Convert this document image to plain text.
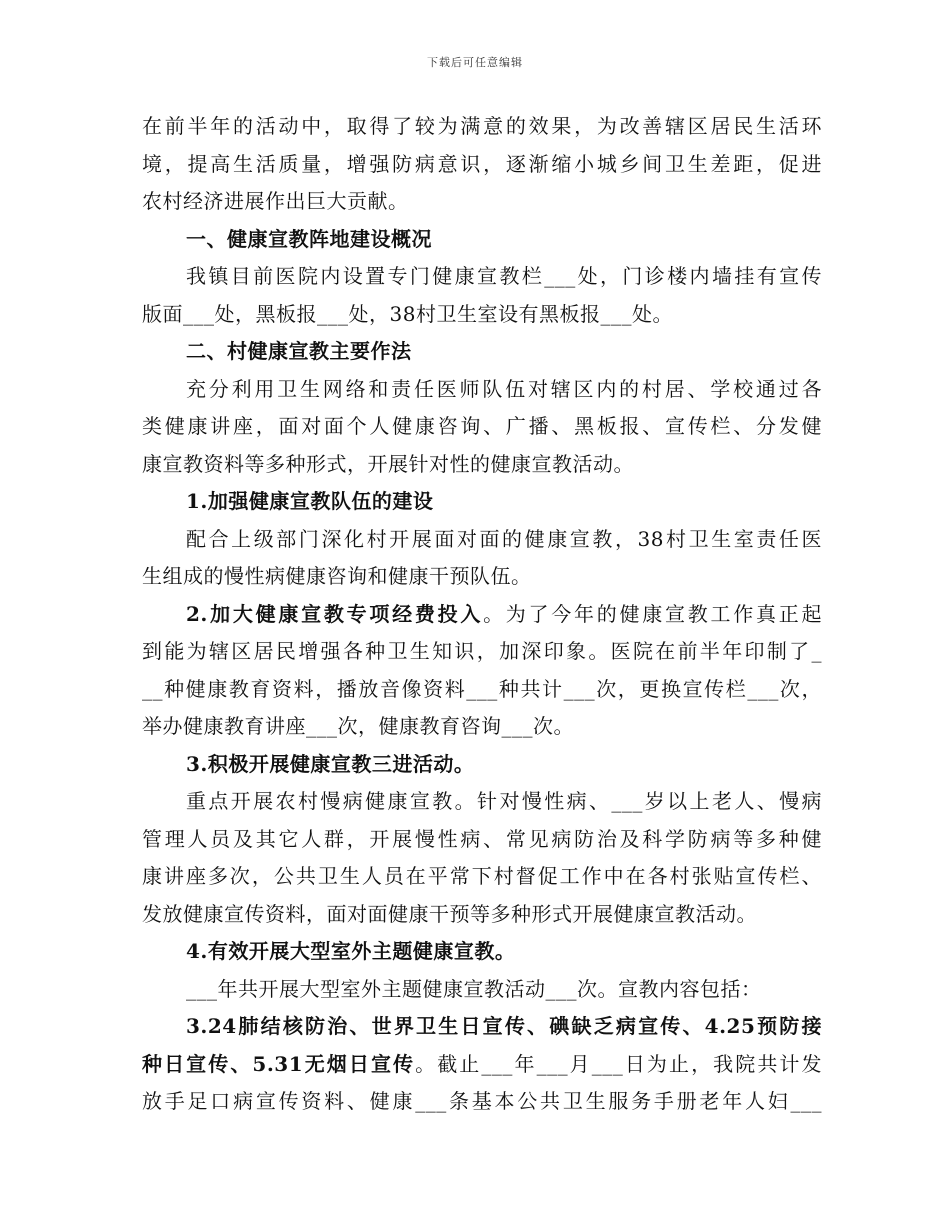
下载后可任意编辑
在前半年的活动中，取得了较为满意的效果，为改善辖区居民生活环
境，提高生活质量，增强防病意识，逐渐缩小城乡间卫生差距，促进
农村经济进展作出巨大贡献。
一、健康宣教阵地建设概况
我镇目前医院内设置专门健康宣教栏___处，门诊楼内墙挂有宣传
版面___处，黑板报___处，38村卫生室设有黑板报___处。
二、村健康宣教主要作法
充分利用卫生网络和责任医师队伍对辖区内的村居、学校通过各
类健康讲座，面对面个人健康咨询、广播、黑板报、宣传栏、分发健
康宣教资料等多种形式，开展针对性的健康宣教活动。
1.加强健康宣教队伍的建设
配合上级部门深化村开展面对面的健康宣教，38村卫生室责任医
生组成的慢性病健康咨询和健康干预队伍。
2.加大健康宣教专项经费投入。为了今年的健康宣教工作真正起
到能为辖区居民增强各种卫生知识，加深印象。医院在前半年印制了_
__种健康教育资料，播放音像资料___种共计___次，更换宣传栏___次，
举办健康教育讲座___次，健康教育咨询___次。
3.积极开展健康宣教三进活动。
重点开展农村慢病健康宣教。针对慢性病、___岁以上老人、慢病
管理人员及其它人群，开展慢性病、常见病防治及科学防病等多种健
康讲座多次，公共卫生人员在平常下村督促工作中在各村张贴宣传栏、
发放健康宣传资料，面对面健康干预等多种形式开展健康宣教活动。
4.有效开展大型室外主题健康宣教。
___年共开展大型室外主题健康宣教活动___次。宣教内容包括：
3.24肺结核防治、世界卫生日宣传、碘缺乏病宣传、4.25预防接
种日宣传、5.31无烟日宣传。截止___年___月___日为止，我院共计发
放手足口病宣传资料、健康___条基本公共卫生服务手册老年人妇___
